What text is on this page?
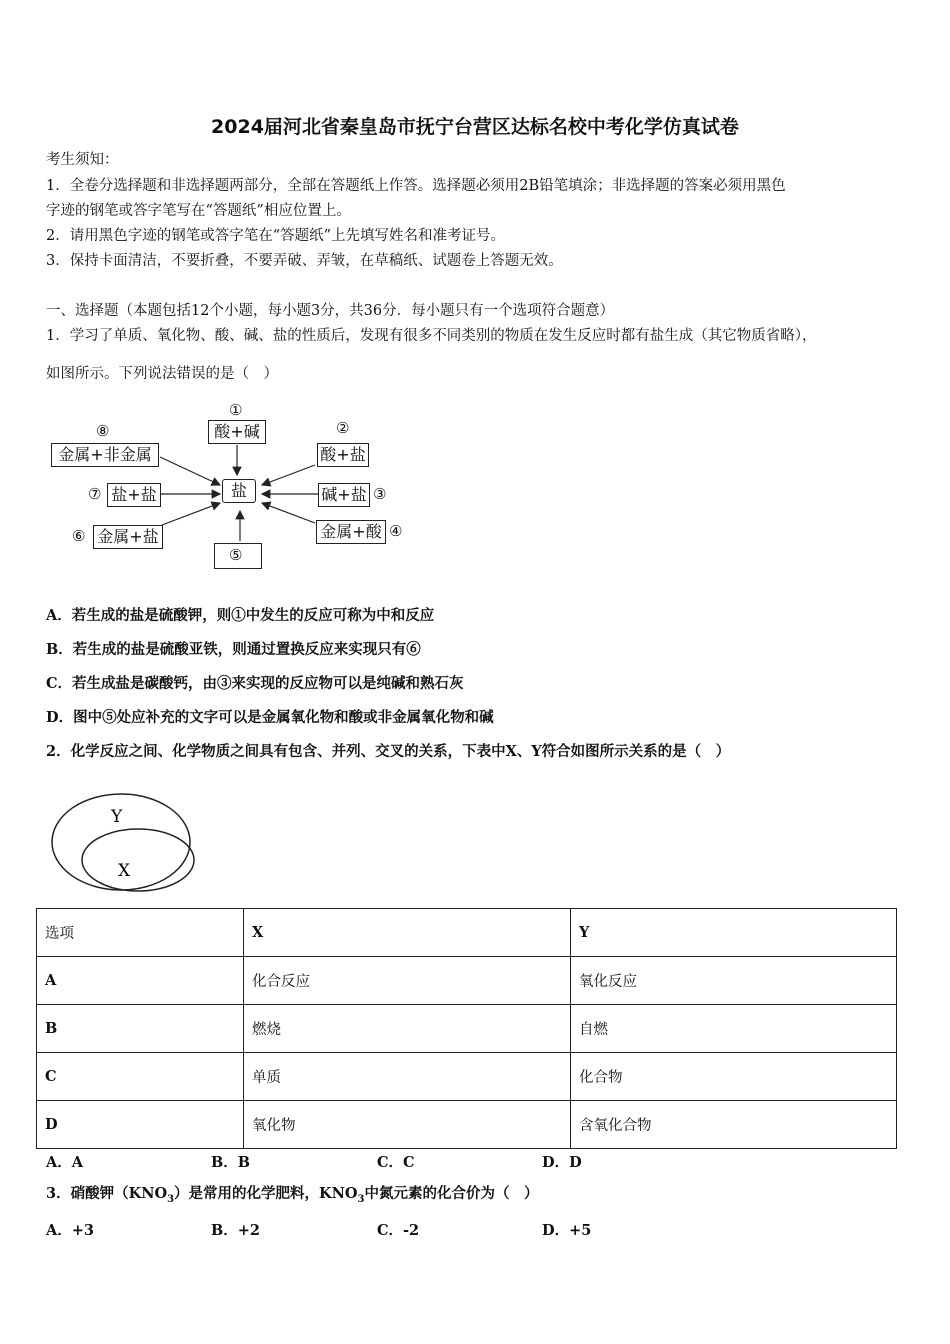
2024届河北省秦皇岛市抚宁台营区达标名校中考化学仿真试卷
考生须知：
1．全卷分选择题和非选择题两部分，全部在答题纸上作答。选择题必须用2B铅笔填涂；非选择题的答案必须用黑色
字迹的钢笔或答字笔写在“答题纸”相应位置上。
2．请用黑色字迹的钢笔或答字笔在“答题纸”上先填写姓名和准考证号。
3．保持卡面清洁，不要折叠，不要弄破、弄皱，在草稿纸、试题卷上答题无效。
一、选择题（本题包括12个小题，每小题3分，共36分．每小题只有一个选项符合题意）
1．学习了单质、氧化物、酸、碱、盐的性质后，发现有很多不同类别的物质在发生反应时都有盐生成（其它物质省略），
如图所示。下列说法错误的是（　）
盐
①
酸+碱	②
酸+盐
碱+盐 ③
金属+酸 ④
⑤
⑥ 金属+盐
⑦ 盐+盐
⑧
金属+非金属
A．若生成的盐是硫酸钾，则①中发生的反应可称为中和反应
B．若生成的盐是硫酸亚铁，则通过置换反应来实现只有⑥
C．若生成盐是碳酸钙，由③来实现的反应物可以是纯碱和熟石灰
D．图中⑤处应补充的文字可以是金属氧化物和酸或非金属氧化物和碱
2．化学反应之间、化学物质之间具有包含、并列、交叉的关系，下表中X、Y符合如图所示关系的是（　）
Y
X
选项	X	Y
A	化合反应	氧化反应
B	燃烧	自燃
C	单质	化合物
D	氧化物	含氧化合物
A．A	B．B	C．C	D．D
3．硝酸钾$(KNO_3)$是常用的化学肥料，$KNO_3$中氮元素的化合价为（　）
A．+3	B．+2	C．-2	D．+5
